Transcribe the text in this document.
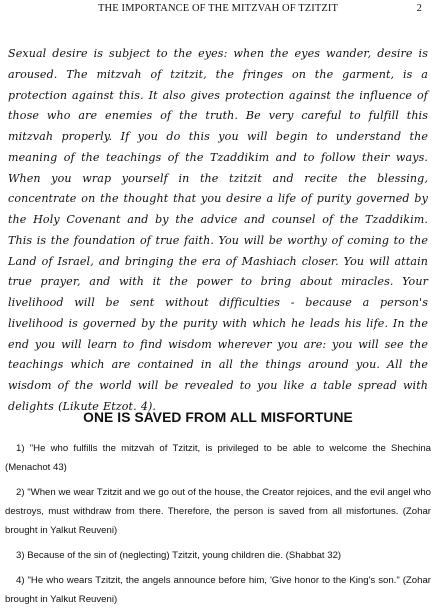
THE IMPORTANCE OF THE MITZVAH OF TZITZIT	2

Sexual desire is subject to the eyes: when the eyes wander, desire is aroused. The mitzvah of tzitzit, the fringes on the garment, is a protection against this. It also gives protection against the influence of those who are enemies of the truth. Be very careful to fulfill this mitzvah properly. If you do this you will begin to understand the meaning of the teachings of the Tzaddikim and to follow their ways. When you wrap yourself in the tzitzit and recite the blessing, concentrate on the thought that you desire a life of purity governed by the Holy Covenant and by the advice and counsel of the Tzaddikim. This is the foundation of true faith. You will be worthy of coming to the Land of Israel, and bringing the era of Mashiach closer. You will attain true prayer, and with it the power to bring about miracles. Your livelihood will be sent without difficulties - because a person's livelihood is governed by the purity with which he leads his life. In the end you will learn to find wisdom wherever you are: you will see the teachings which are contained in all the things around you. All the wisdom of the world will be revealed to you like a table spread with delights (Likute Etzot. 4).

ONE IS SAVED FROM ALL MISFORTUNE
1) "He who fulfills the mitzvah of Tzitzit, is privileged to be able to welcome the Shechina (Menachot 43)
2) "When we wear Tzitzit and we go out of the house, the Creator rejoices, and the evil angel who destroys, must withdraw from there. Therefore, the person is saved from all misfortunes. (Zohar brought in Yalkut Reuveni)
3) Because of the sin of (neglecting) Tzitzit, young children die. (Shabbat 32)
4) "He who wears Tzitzit, the angels announce before him, 'Give honor to the King's son." (Zohar brought in Yalkut Reuveni)
